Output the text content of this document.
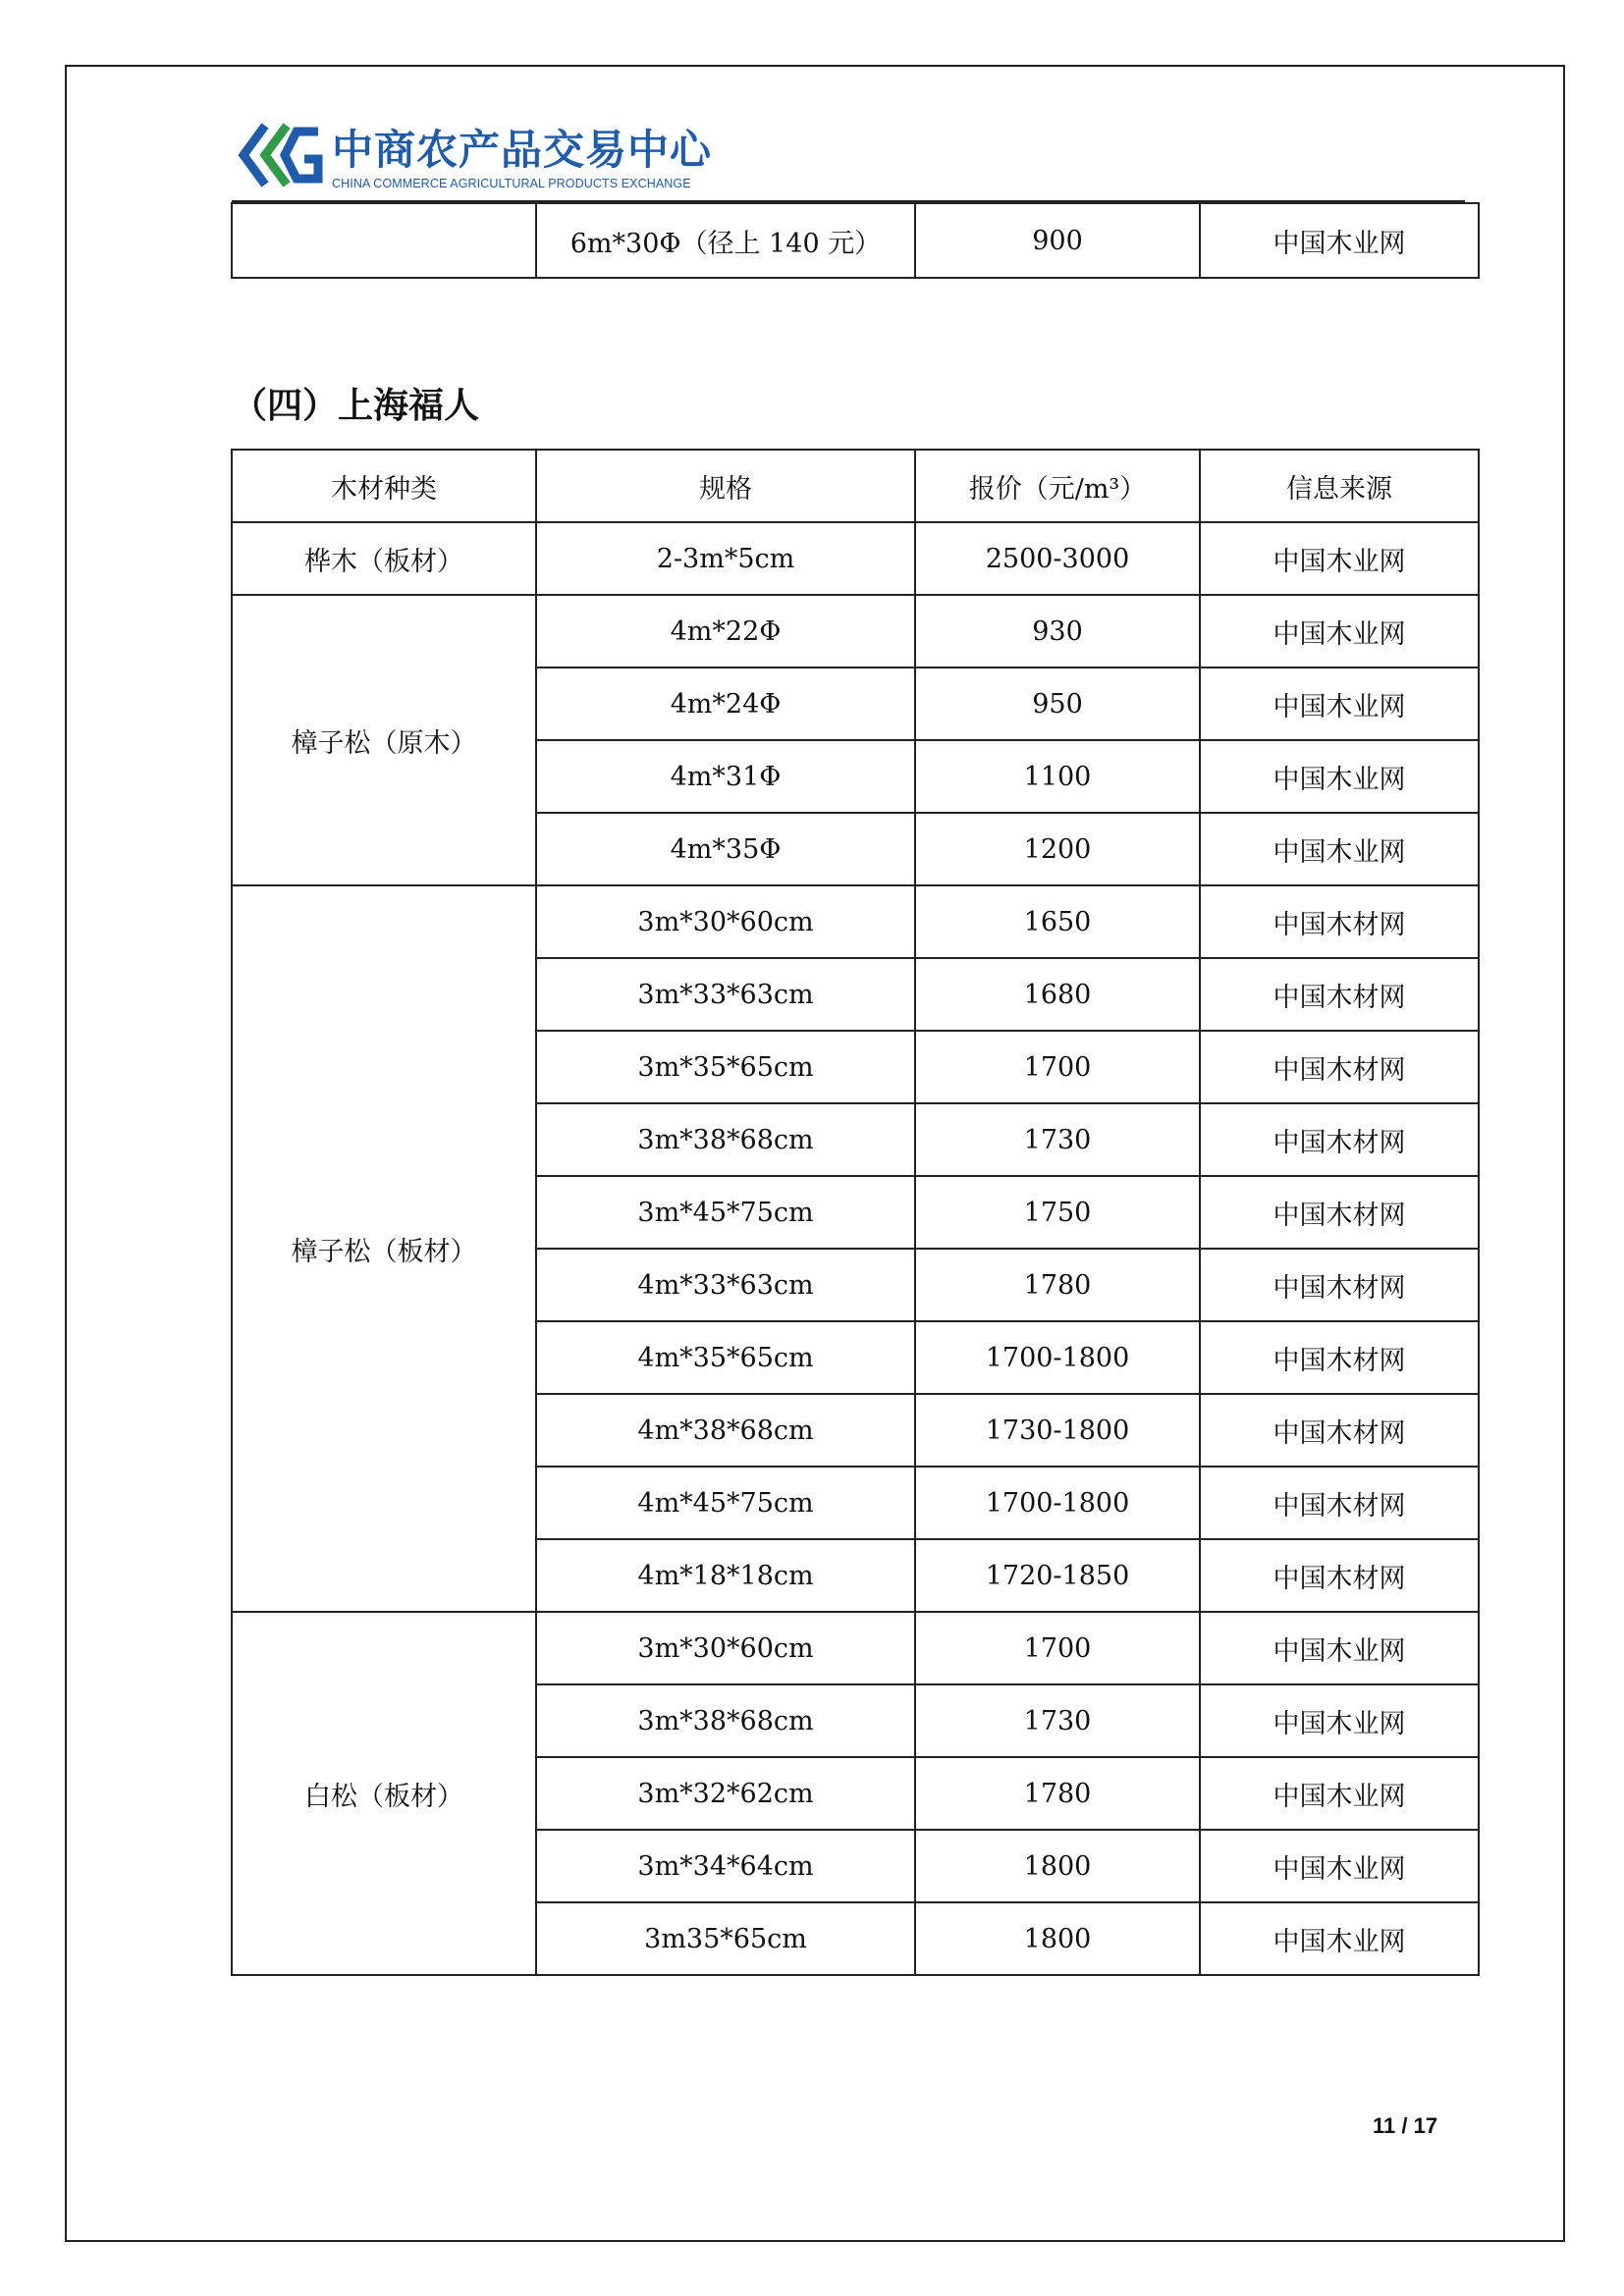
中商农产品交易中心
CHINA COMMERCE AGRICULTURAL PRODUCTS EXCHANGE
	6m*30Φ（径上 140 元）	900	中国木业网
（四）上海福人
木材种类	规格	报价（元/m³）	信息来源
桦木（板材）	2-3m*5cm	2500-3000	中国木业网
樟子松（原木）	4m*22Φ	930	中国木业网
	4m*24Φ	950	中国木业网
	4m*31Φ	1100	中国木业网
	4m*35Φ	1200	中国木业网
樟子松（板材）	3m*30*60cm	1650	中国木材网
	3m*33*63cm	1680	中国木材网
	3m*35*65cm	1700	中国木材网
	3m*38*68cm	1730	中国木材网
	3m*45*75cm	1750	中国木材网
	4m*33*63cm	1780	中国木材网
	4m*35*65cm	1700-1800	中国木材网
	4m*38*68cm	1730-1800	中国木材网
	4m*45*75cm	1700-1800	中国木材网
	4m*18*18cm	1720-1850	中国木材网
白松（板材）	3m*30*60cm	1700	中国木业网
	3m*38*68cm	1730	中国木业网
	3m*32*62cm	1780	中国木业网
	3m*34*64cm	1800	中国木业网
	3m35*65cm	1800	中国木业网
11 / 17
